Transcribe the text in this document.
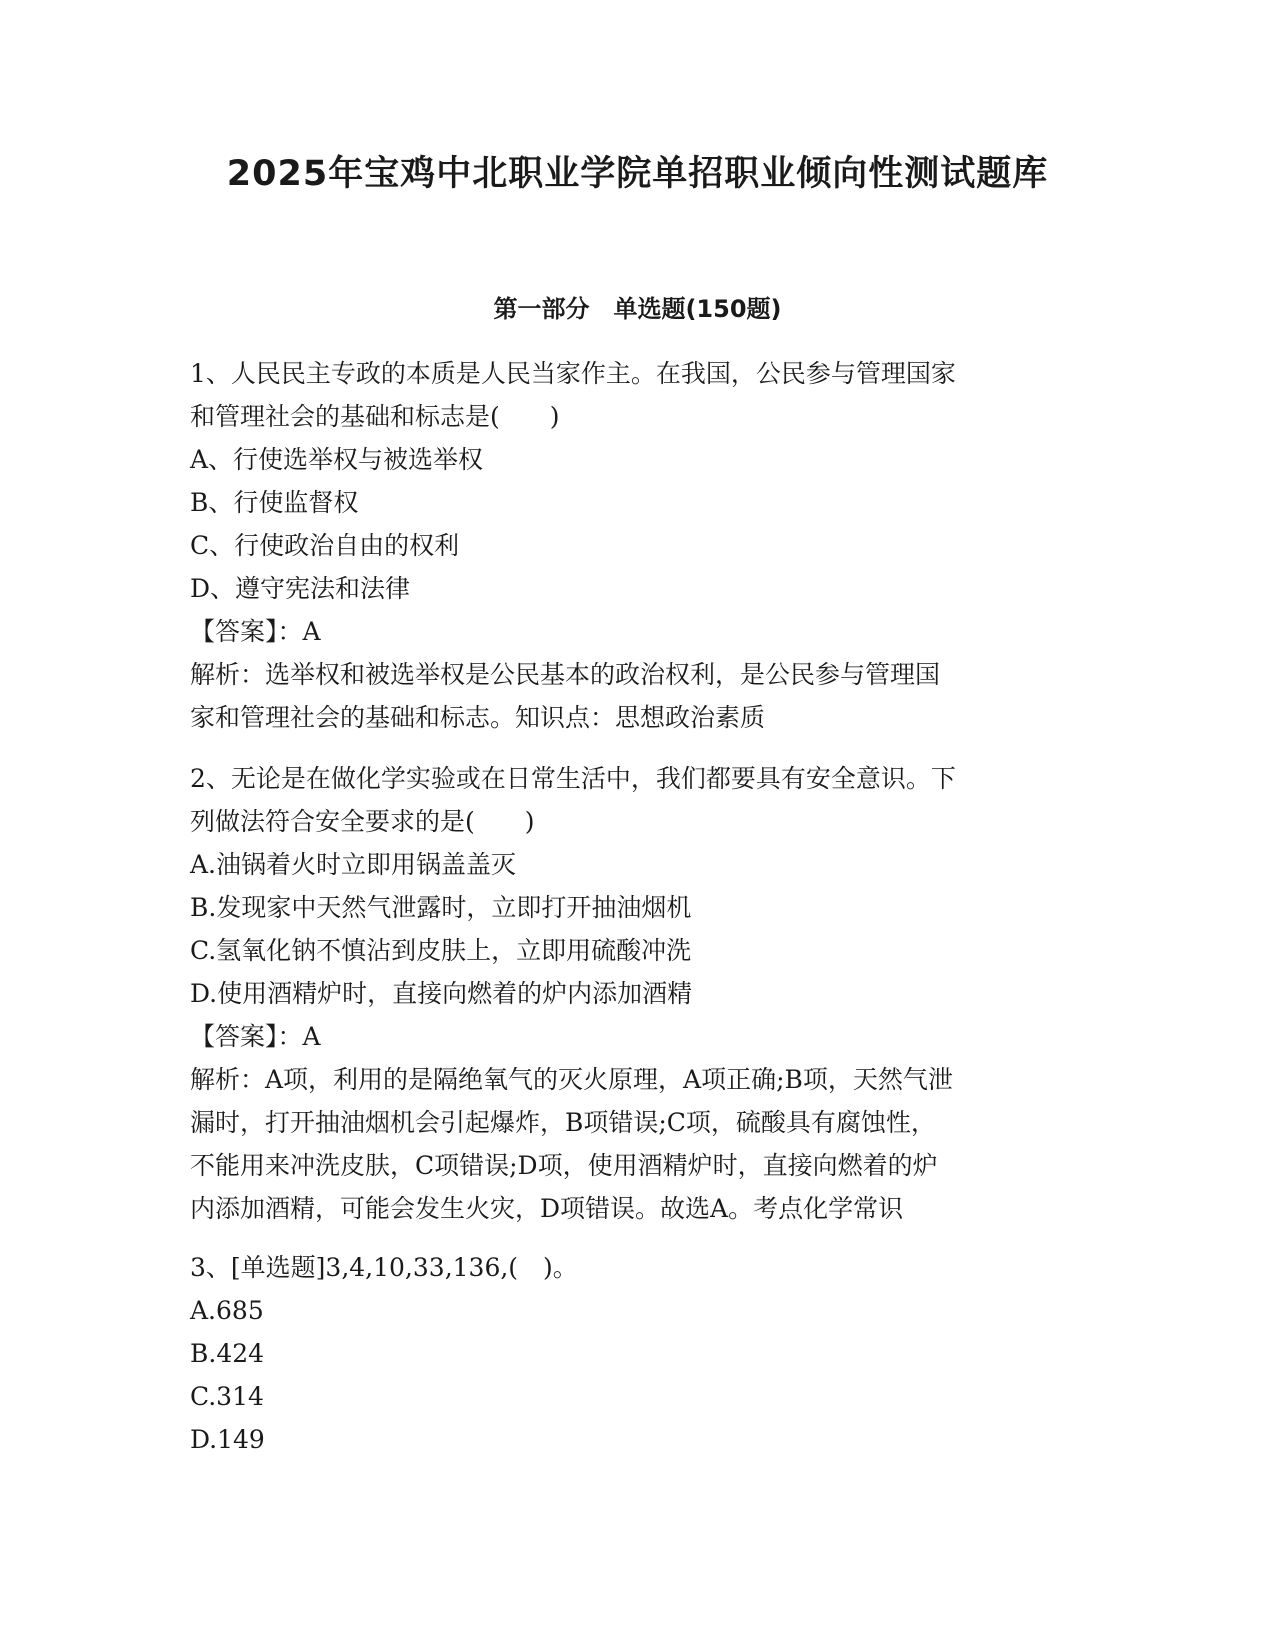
2025年宝鸡中北职业学院单招职业倾向性测试题库
第一部分　单选题(150题)
1、人民民主专政的本质是人民当家作主。在我国，公民参与管理国家
和管理社会的基础和标志是(　　)
A、行使选举权与被选举权
B、行使监督权
C、行使政治自由的权利
D、遵守宪法和法律
【答案】：A
解析：选举权和被选举权是公民基本的政治权利，是公民参与管理国
家和管理社会的基础和标志。知识点：思想政治素质
2、无论是在做化学实验或在日常生活中，我们都要具有安全意识。下
列做法符合安全要求的是(　　)
A.油锅着火时立即用锅盖盖灭
B.发现家中天然气泄露时，立即打开抽油烟机
C.氢氧化钠不慎沾到皮肤上，立即用硫酸冲洗
D.使用酒精炉时，直接向燃着的炉内添加酒精
【答案】：A
解析：A项，利用的是隔绝氧气的灭火原理，A项正确;B项，天然气泄
漏时，打开抽油烟机会引起爆炸，B项错误;C项，硫酸具有腐蚀性，
不能用来冲洗皮肤，C项错误;D项，使用酒精炉时，直接向燃着的炉
内添加酒精，可能会发生火灾，D项错误。故选A。考点化学常识
3、[单选题]3,4,10,33,136,(　)。
A.685
B.424
C.314
D.149
